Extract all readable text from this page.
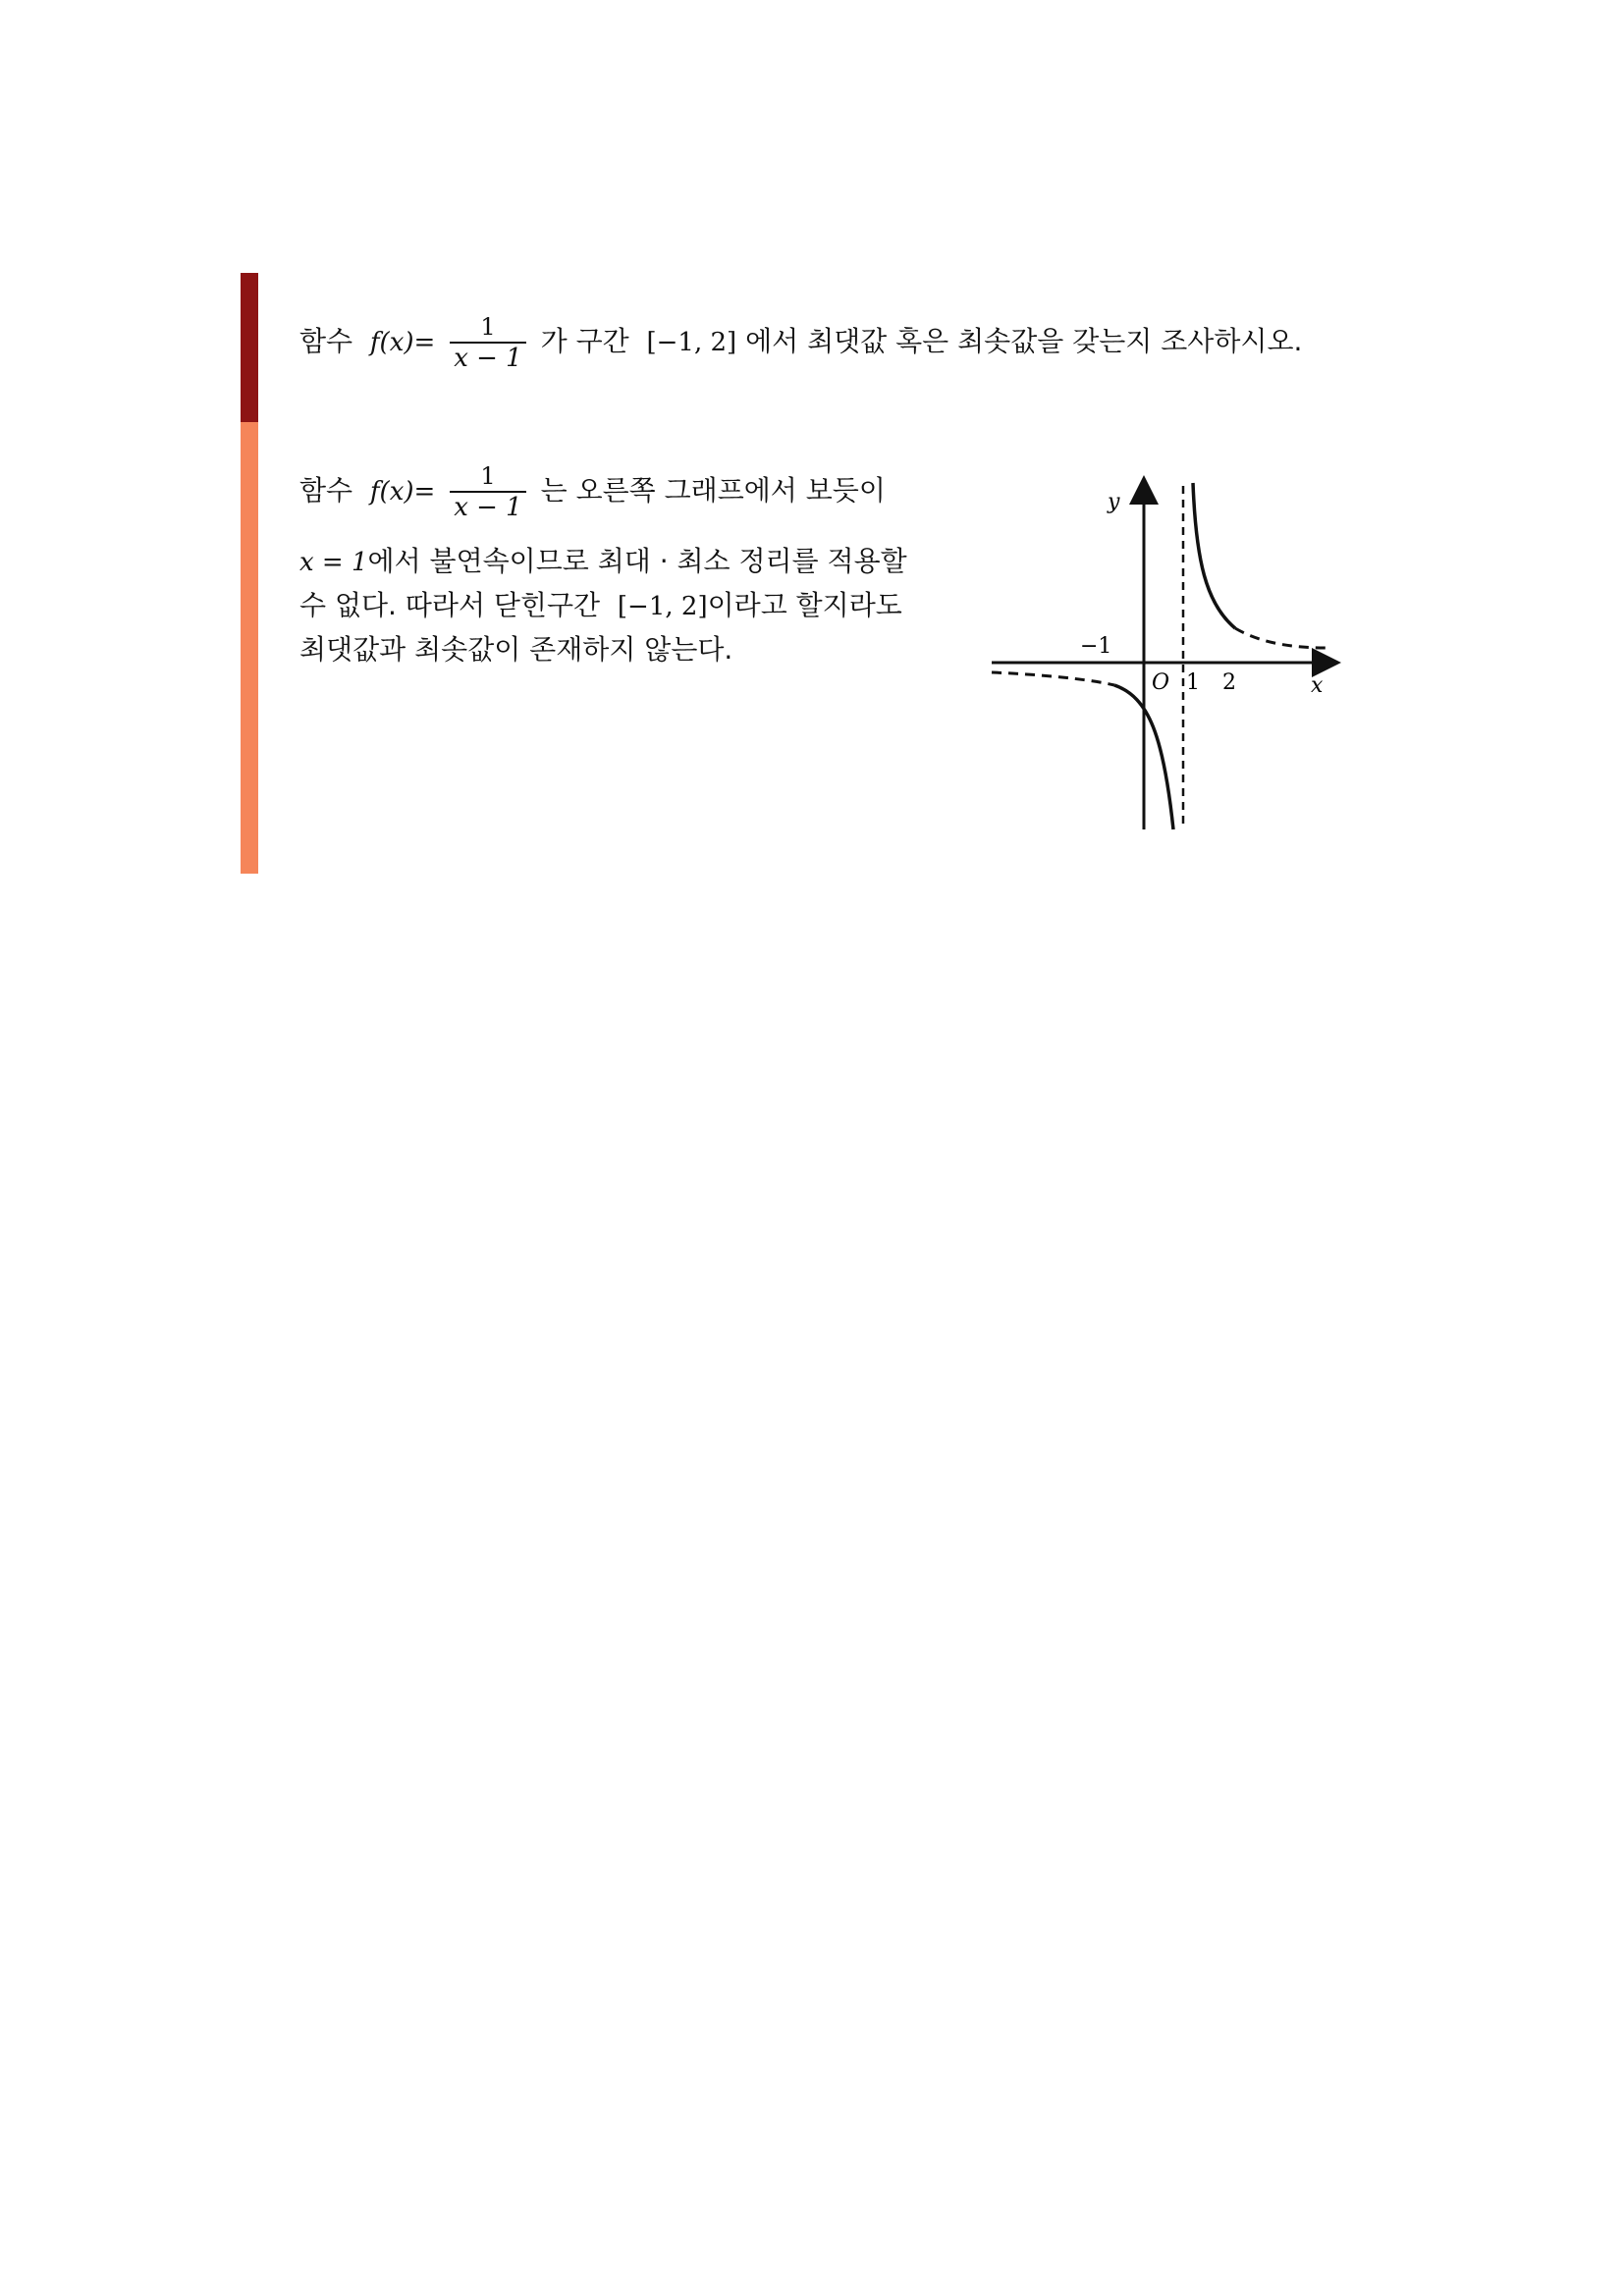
함수 $f(x)= \frac{1}{x - 1}$ 가 구간 [−1, 2] 에서 최댓값 혹은 최솟값을 갖는지 조사하시오.
함수 $f(x)= \frac{1}{x - 1}$ 는 오른쪽 그래프에서 보듯이
x = 1에서 불연속이므로 최대 · 최소 정리를 적용할
수 없다. 따라서 닫힌구간 [−1, 2]이라고 할지라도
최댓값과 최솟값이 존재하지 않는다.
y
x
O 1 2
−1
